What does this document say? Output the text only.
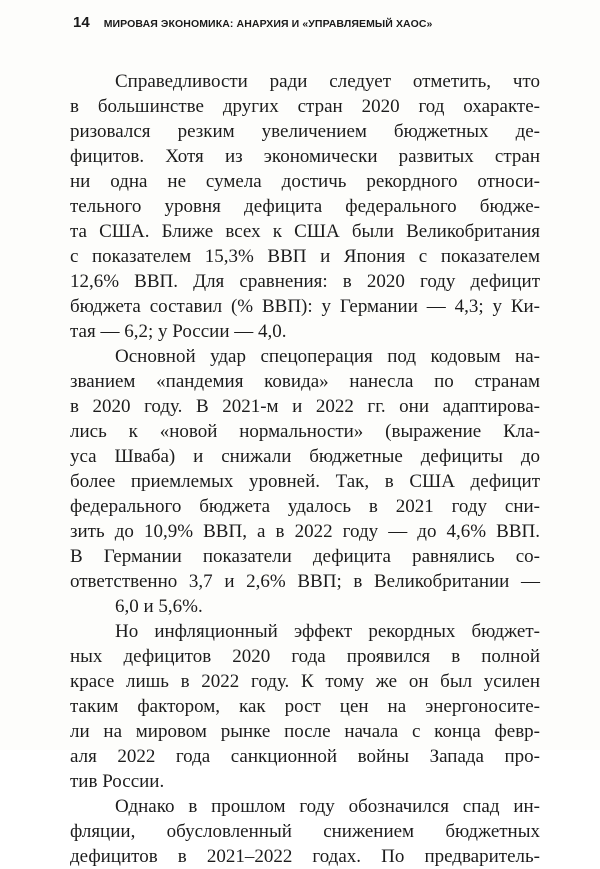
14 МИРОВАЯ ЭКОНОМИКА: АНАРХИЯ И «УПРАВЛЯЕМЫЙ ХАОС»
Справедливости ради следует отметить, что
в большинстве других стран 2020 год охаракте-
ризовался резким увеличением бюджетных де-
фицитов. Хотя из экономически развитых стран
ни одна не сумела достичь рекордного относи-
тельного уровня дефицита федерального бюдже-
та США. Ближе всех к США были Великобритания
с показателем 15,3% ВВП и Япония с показателем
12,6% ВВП. Для сравнения: в 2020 году дефицит
бюджета составил (% ВВП): у Германии — 4,3; у Ки-
тая — 6,2; у России — 4,0.
Основной удар спецоперация под кодовым на-
званием «пандемия ковида» нанесла по странам
в 2020 году. В 2021-м и 2022 гг. они адаптирова-
лись к «новой нормальности» (выражение Кла-
уса Шваба) и снижали бюджетные дефициты до
более приемлемых уровней. Так, в США дефицит
федерального бюджета удалось в 2021 году сни-
зить до 10,9% ВВП, а в 2022 году — до 4,6% ВВП.
В Германии показатели дефицита равнялись со-
ответственно 3,7 и 2,6% ВВП; в Великобритании —
6,0 и 5,6%.
Но инфляционный эффект рекордных бюджет-
ных дефицитов 2020 года проявился в полной
красе лишь в 2022 году. К тому же он был усилен
таким фактором, как рост цен на энергоносите-
ли на мировом рынке после начала с конца февр-
аля 2022 года санкционной войны Запада про-
тив России.
Однако в прошлом году обозначился спад ин-
фляции, обусловленный снижением бюджетных
дефицитов в 2021–2022 годах. По предваритель-
